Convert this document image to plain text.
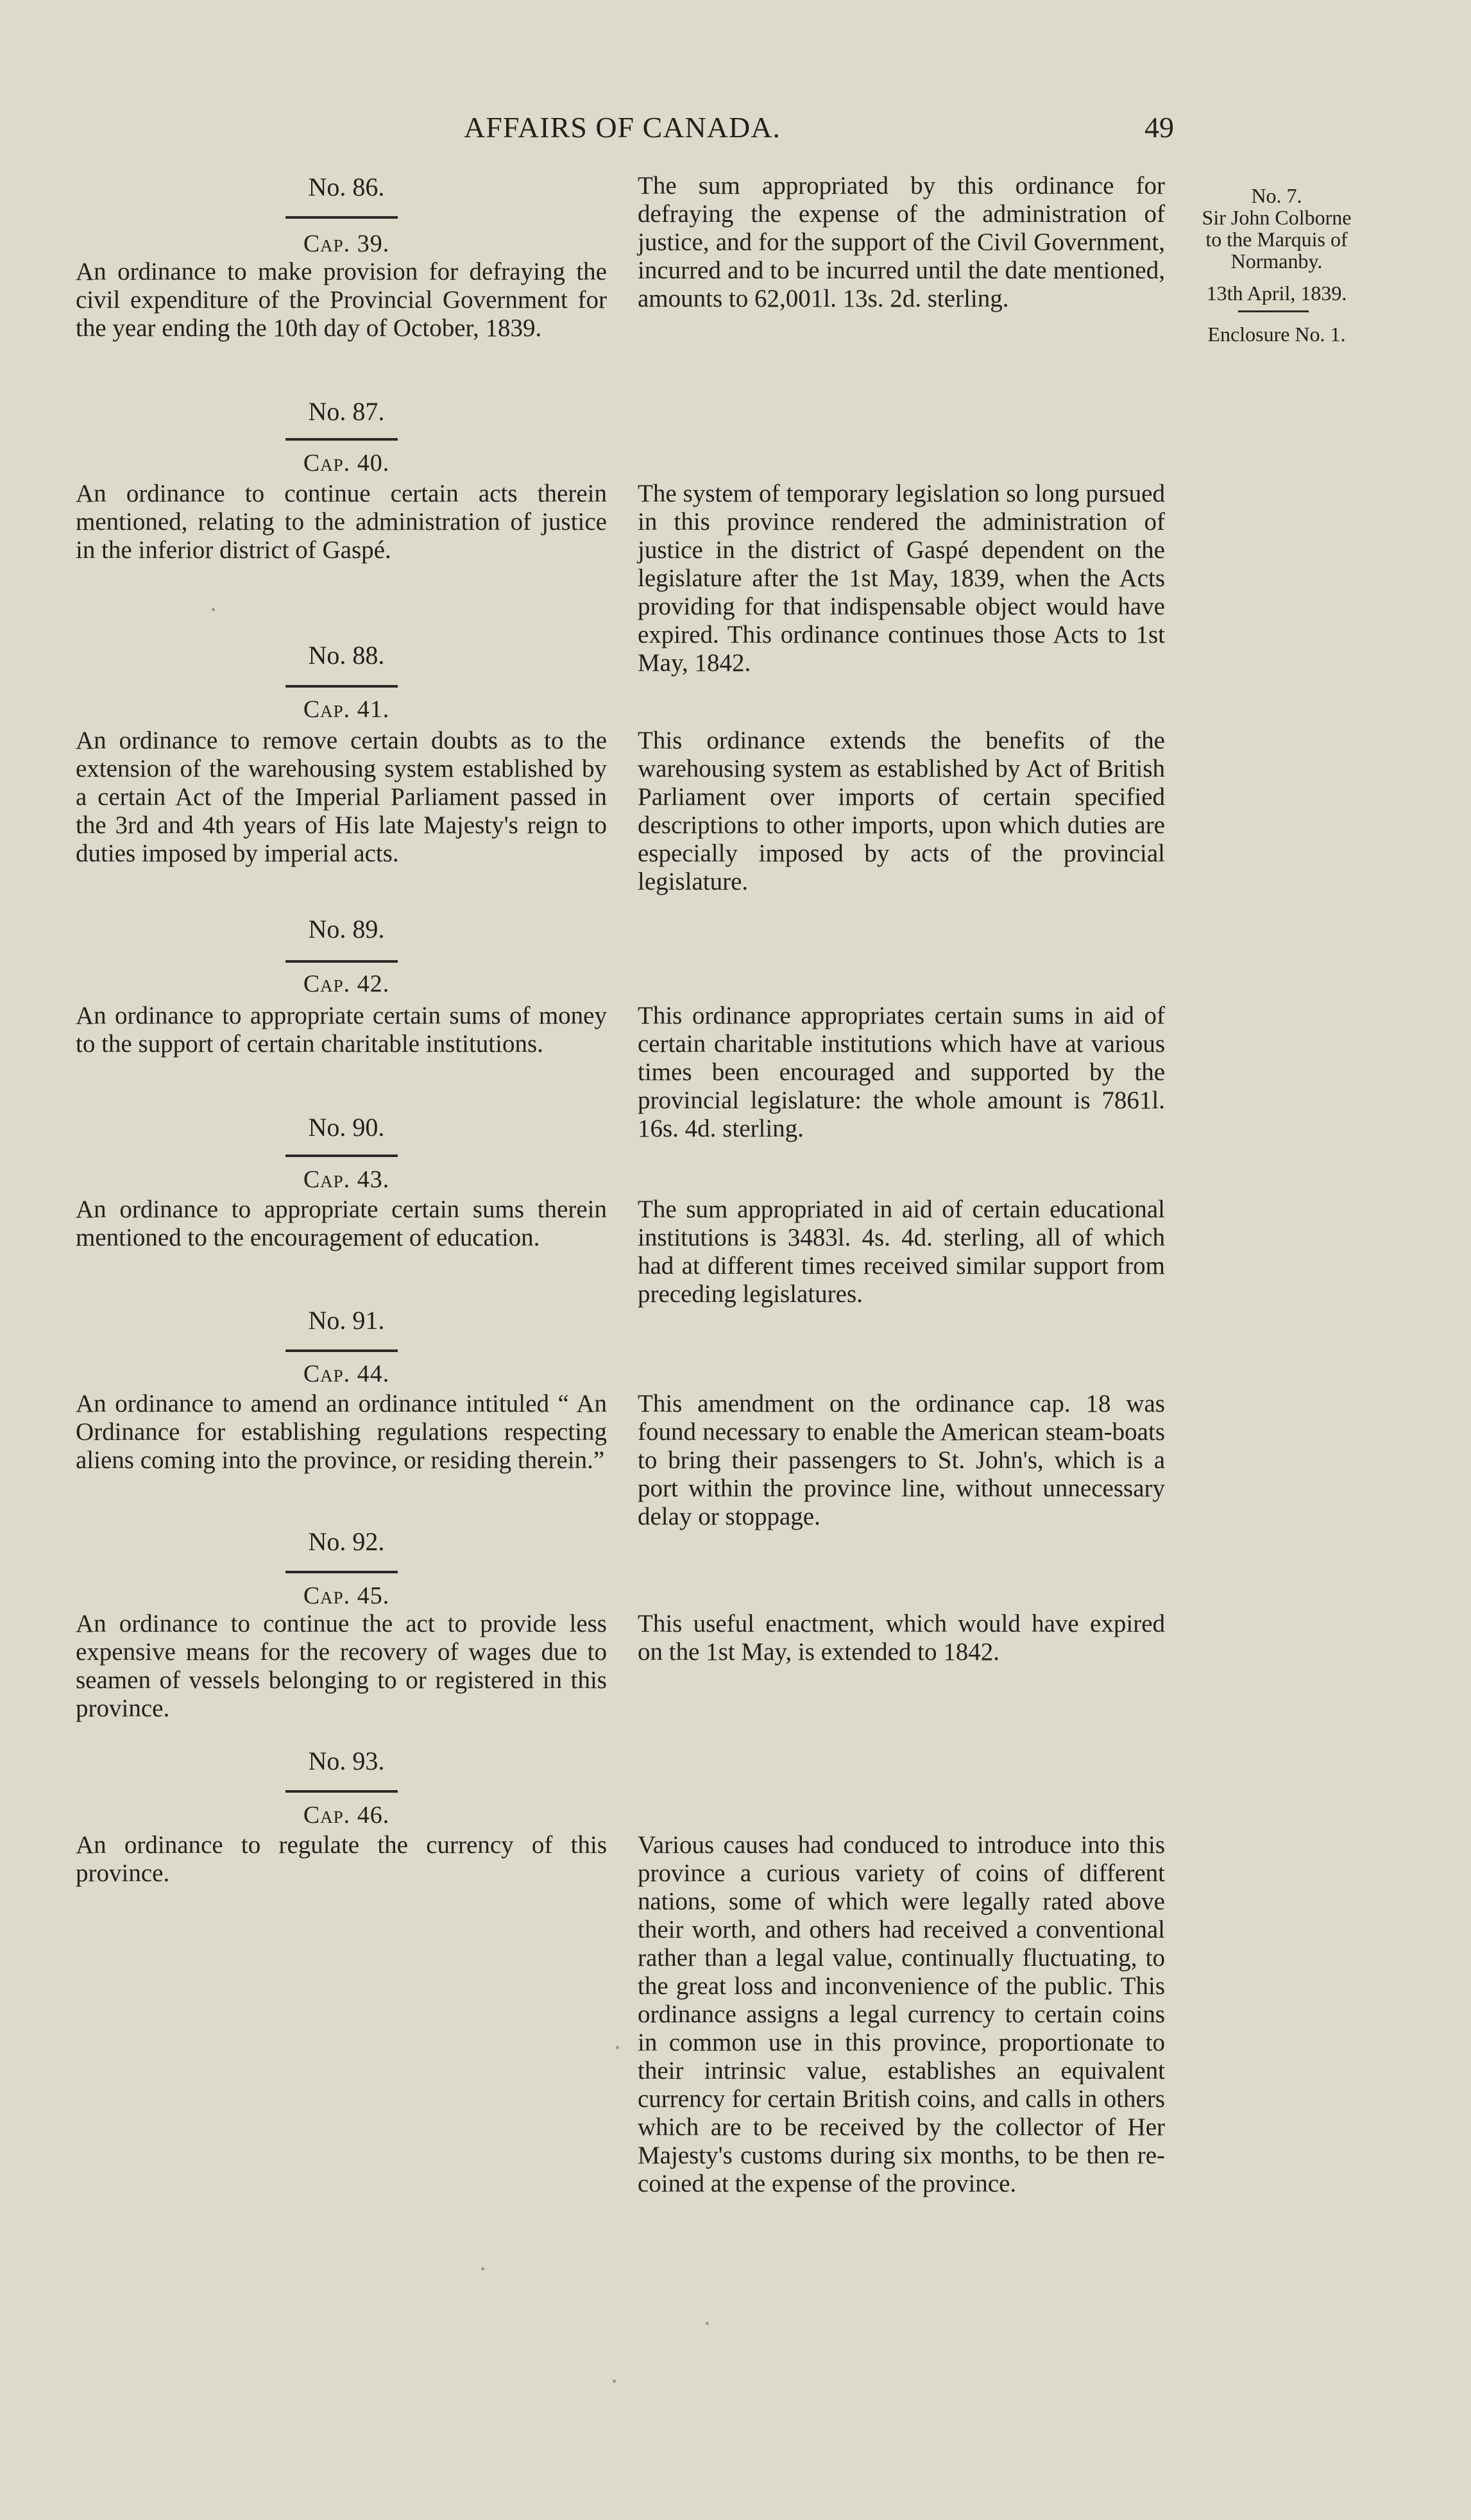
AFFAIRS OF CANADA.	49
No. 7.
Sir John Colborne
to the Marquis of
Normanby.
13th April, 1839.
Enclosure No. 1.
No. 86.
Cap. 39.
An ordinance to make provision for defraying the civil expenditure of the Provincial Government for the year ending the 10th day of October, 1839.
The sum appropriated by this ordinance for defraying the expense of the administration of justice, and for the support of the Civil Government, incurred and to be incurred until the date mentioned, amounts to 62,001l. 13s. 2d. sterling.
No. 87.
Cap. 40.
An ordinance to continue certain acts therein mentioned, relating to the administration of justice in the inferior district of Gaspé.
The system of temporary legislation so long pursued in this province rendered the administration of justice in the district of Gaspé dependent on the legislature after the 1st May, 1839, when the Acts providing for that indispensable object would have expired. This ordinance continues those Acts to 1st May, 1842.
No. 88.
Cap. 41.
An ordinance to remove certain doubts as to the extension of the warehousing system established by a certain Act of the Imperial Parliament passed in the 3rd and 4th years of His late Majesty's reign to duties imposed by imperial acts.
This ordinance extends the benefits of the warehousing system as established by Act of British Parliament over imports of certain specified descriptions to other imports, upon which duties are especially imposed by acts of the provincial legislature.
No. 89.
Cap. 42.
An ordinance to appropriate certain sums of money to the support of certain charitable institutions.
This ordinance appropriates certain sums in aid of certain charitable institutions which have at various times been encouraged and supported by the provincial legislature: the whole amount is 7861l. 16s. 4d. sterling.
No. 90.
Cap. 43.
An ordinance to appropriate certain sums therein mentioned to the encouragement of education.
The sum appropriated in aid of certain educational institutions is 3483l. 4s. 4d. sterling, all of which had at different times received similar support from preceding legislatures.
No. 91.
Cap. 44.
An ordinance to amend an ordinance intituled “ An Ordinance for establishing regulations respecting aliens coming into the province, or residing therein.”
This amendment on the ordinance cap. 18 was found necessary to enable the American steam-boats to bring their passengers to St. John's, which is a port within the province line, without unnecessary delay or stoppage.
No. 92.
Cap. 45.
An ordinance to continue the act to provide less expensive means for the recovery of wages due to seamen of vessels belonging to or registered in this province.
This useful enactment, which would have expired on the 1st May, is extended to 1842.
No. 93.
Cap. 46.
An ordinance to regulate the currency of this province.
Various causes had conduced to introduce into this province a curious variety of coins of different nations, some of which were legally rated above their worth, and others had received a conventional rather than a legal value, continually fluctuating, to the great loss and inconvenience of the public. This ordinance assigns a legal currency to certain coins in common use in this province, proportionate to their intrinsic value, establishes an equivalent currency for certain British coins, and calls in others which are to be received by the collector of Her Majesty's customs during six months, to be then re-coined at the expense of the province.
